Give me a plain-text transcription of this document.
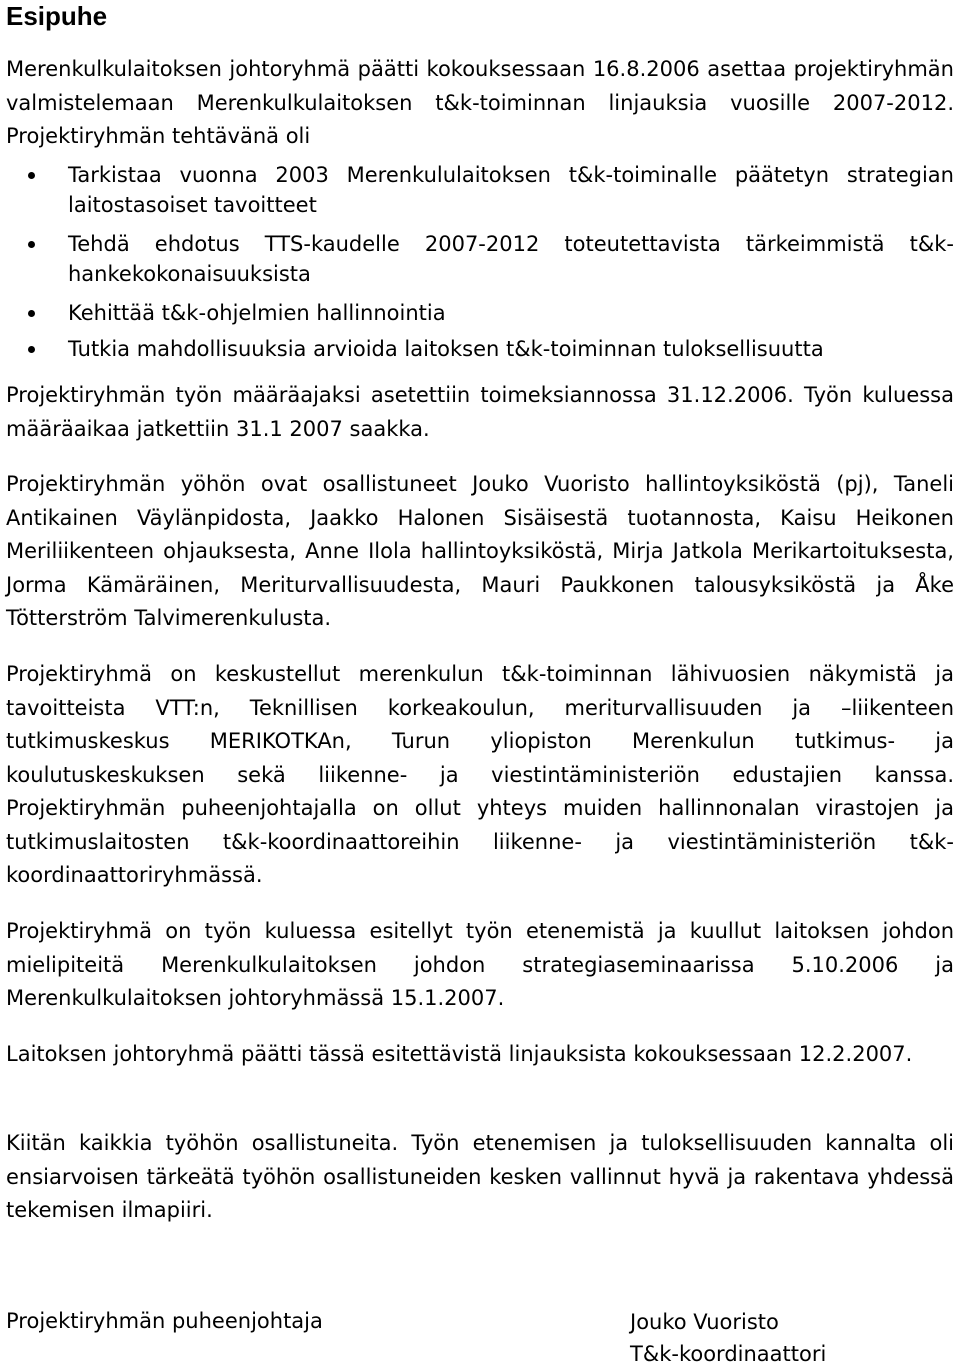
Esipuhe

Merenkulkulaitoksen johtoryhmä päätti kokouksessaan 16.8.2006 asettaa projektiryhmän valmistelemaan Merenkulkulaitoksen t&k-toiminnan linjauksia vuosille 2007-2012. Projektiryhmän tehtävänä oli

Tarkistaa vuonna 2003 Merenkululaitoksen t&k-toiminalle päätetyn strategian laitostasoiset tavoitteet
Tehdä ehdotus TTS-kaudelle 2007-2012 toteutettavista tärkeimmistä t&k-hankekokonaisuuksista
Kehittää t&k-ohjelmien hallinnointia
Tutkia mahdollisuuksia arvioida laitoksen t&k-toiminnan tuloksellisuutta

Projektiryhmän työn määräajaksi asetettiin toimeksiannossa 31.12.2006. Työn kuluessa määräaikaa jatkettiin 31.1 2007 saakka.

Projektiryhmän yöhön ovat osallistuneet Jouko Vuoristo hallintoyksiköstä (pj), Taneli Antikainen Väylänpidosta, Jaakko Halonen Sisäisestä tuotannosta, Kaisu Heikonen Meriliikenteen ohjauksesta, Anne Ilola hallintoyksiköstä, Mirja Jatkola Merikartoituksesta, Jorma Kämäräinen, Meriturvallisuudesta, Mauri Paukkonen talousyksiköstä ja Åke Tötterström Talvimerenkulusta.

Projektiryhmä on keskustellut merenkulun t&k-toiminnan lähivuosien näkymistä ja tavoitteista VTT:n, Teknillisen korkeakoulun, meriturvallisuuden ja –liikenteen tutkimuskeskus MERIKOTKAn, Turun yliopiston Merenkulun tutkimus- ja koulutuskeskuksen sekä liikenne- ja viestintäministeriön edustajien kanssa. Projektiryhmän puheenjohtajalla on ollut yhteys muiden hallinnonalan virastojen ja tutkimuslaitosten t&k-koordinaattoreihin liikenne- ja viestintäministeriön t&k-koordinaattoriryhmässä.

Projektiryhmä on työn kuluessa esitellyt työn etenemistä ja kuullut laitoksen johdon mielipiteitä Merenkulkulaitoksen johdon strategiaseminaarissa 5.10.2006 ja Merenkulkulaitoksen johtoryhmässä 15.1.2007.

Laitoksen johtoryhmä päätti tässä esitettävistä linjauksista kokouksessaan 12.2.2007.

Kiitän kaikkia työhön osallistuneita. Työn etenemisen ja tuloksellisuuden kannalta oli ensiarvoisen tärkeätä työhön osallistuneiden kesken vallinnut hyvä ja rakentava yhdessä tekemisen ilmapiiri.

Projektiryhmän puheenjohtaja	Jouko Vuoristo
T&k-koordinaattori
